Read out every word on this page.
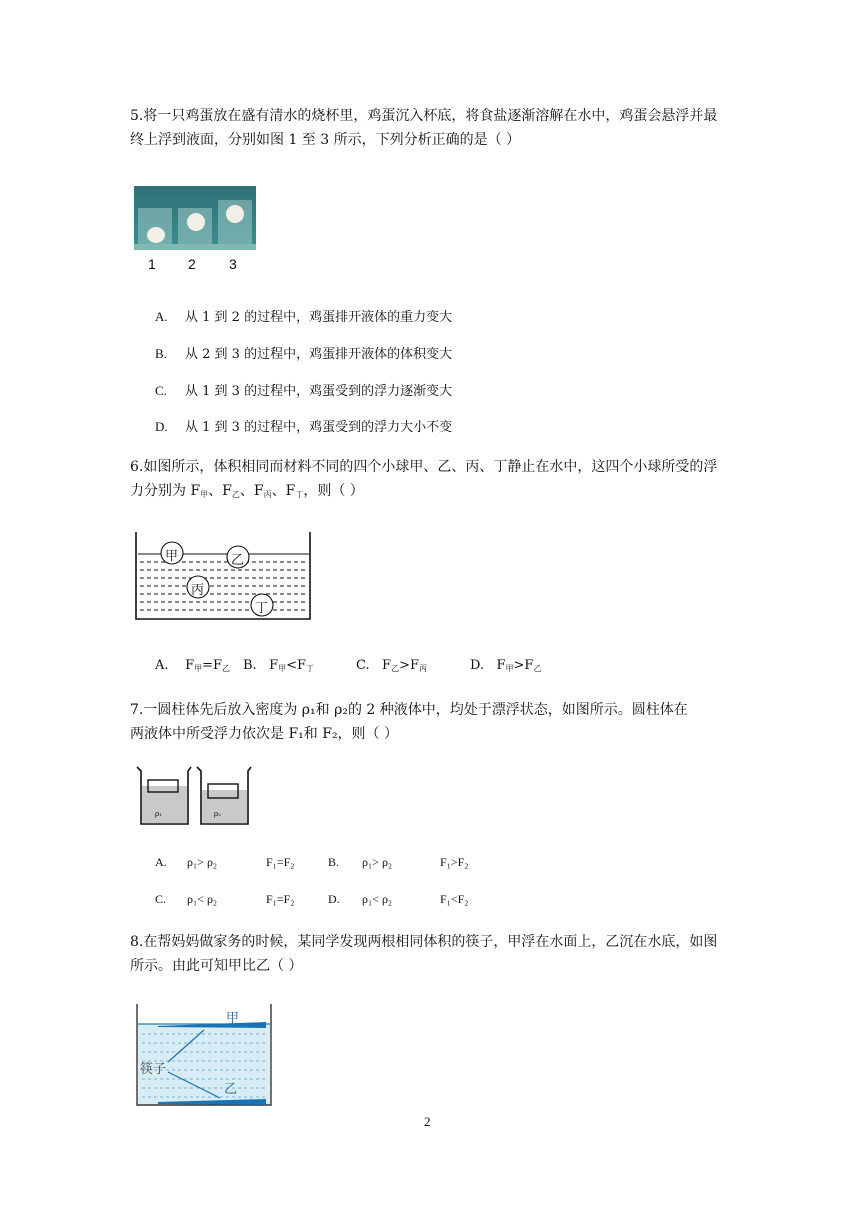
5.将一只鸡蛋放在盛有清水的烧杯里，鸡蛋沉入杯底，将食盐逐渐溶解在水中，鸡蛋会悬浮并最终上浮到液面，分别如图 1 至 3 所示，下列分析正确的是（ ）
1 2 3
A. 从 1 到 2 的过程中，鸡蛋排开液体的重力变大
B. 从 2 到 3 的过程中，鸡蛋排开液体的体积变大
C. 从 1 到 3 的过程中，鸡蛋受到的浮力逐渐变大
D. 从 1 到 3 的过程中，鸡蛋受到的浮力大小不变
6.如图所示，体积相同而材料不同的四个小球甲、乙、丙、丁静止在水中，这四个小球所受的浮力分别为 $F_甲$、$F_乙$、$F_丙$、$F_丁$，则（ ）
甲	乙
丙
丁
A. $F_甲=F_乙$ B. $F_甲<F_丁$	C. $F_乙>F_丙$	D. $F_甲>F_乙$
7.一圆柱体先后放入密度为 ρ₁和 ρ₂的 2 种液体中，均处于漂浮状态，如图所示。圆柱体在
两液体中所受浮力依次是 F₁和 F₂，则（ ）
ρ₁	ρ₂
A. ρ₁> ρ₂	F₁=F₂	B. ρ₁> ρ₂	F₁>F₂
C. ρ₁< ρ₂	F₁=F₂	D. ρ₁< ρ₂	F₁<F₂
8.在帮妈妈做家务的时候，某同学发现两根相同体积的筷子，甲浮在水面上，乙沉在水底，如图所示。由此可知甲比乙（ ）
甲
乙
筷子
2
